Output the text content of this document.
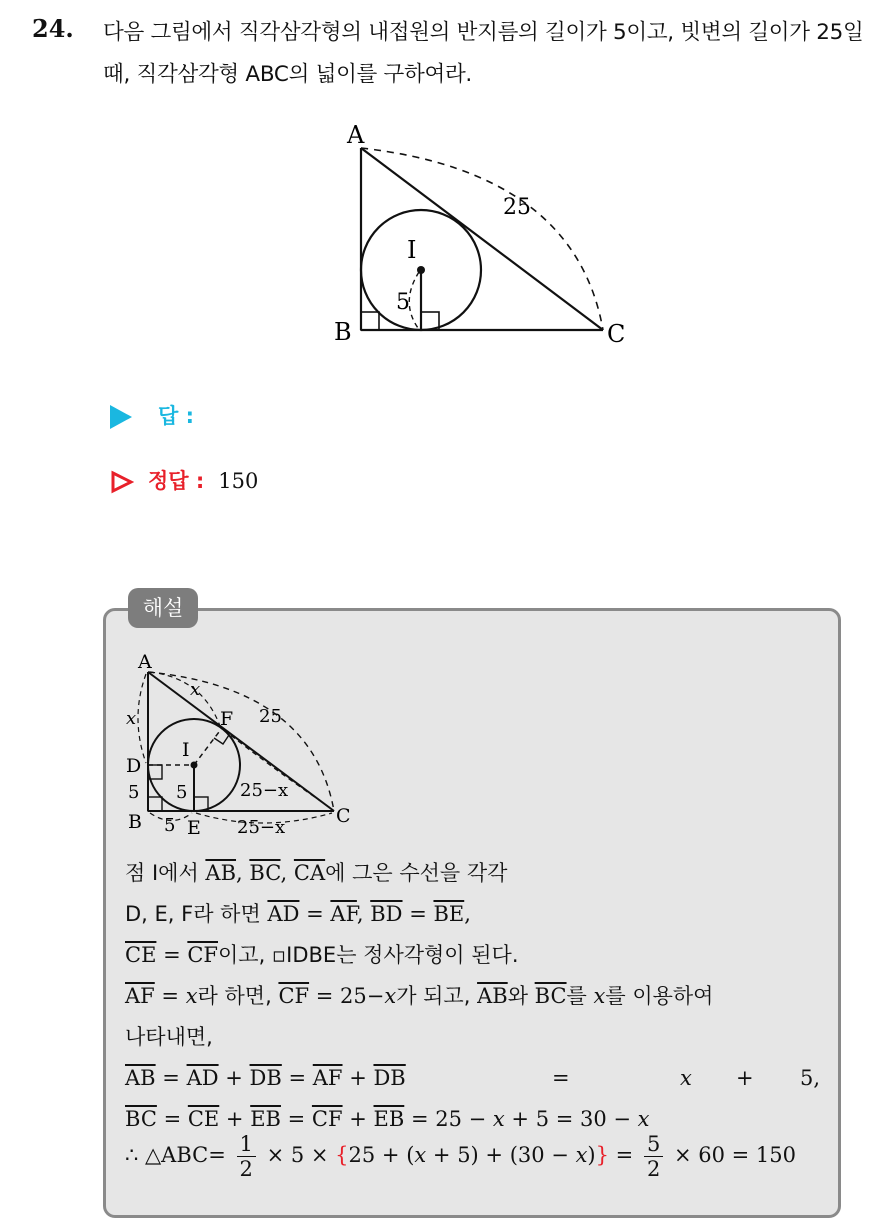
24. 다음 그림에서 직각삼각형의 내접원의 반지름의 길이가 5이고, 빗변의 길이가 25일 때, 직각삼각형 ABC의 넓이를 구하여라.
A
B	C
I
25
5
답 :
정답 : 150
해설
A
B	C
D
E
F
I
x
x
25
5 5
5
25−x
25−x
점 I에서 $\overline{AB}$, $\overline{BC}$, $\overline{CA}$에 그은 수선을 각각
D, E, F라 하면 $\overline{AD} = \overline{AF}$, $\overline{BD} = \overline{BE}$,
$\overline{CE} = \overline{CF}$이고, ▫IDBE는 정사각형이 된다.
$\overline{AF} = x$라 하면, $\overline{CF} = 25-x$가 되고, $\overline{AB}$와 $\overline{BC}$를 x를 이용하여
나타내면,
$\overline{AB} = \overline{AD} + \overline{DB} = \overline{AF} + \overline{DB}$	=	x + 5,
$\overline{BC} = \overline{CE} + \overline{EB} = \overline{CF} + \overline{EB} = 25 - x + 5 = 30 - x$
∴ △ABC= $\frac{1}{2} \times 5 \times \{25 + (x + 5) + (30 - x)\} = \frac{5}{2} \times 60 = 150$
